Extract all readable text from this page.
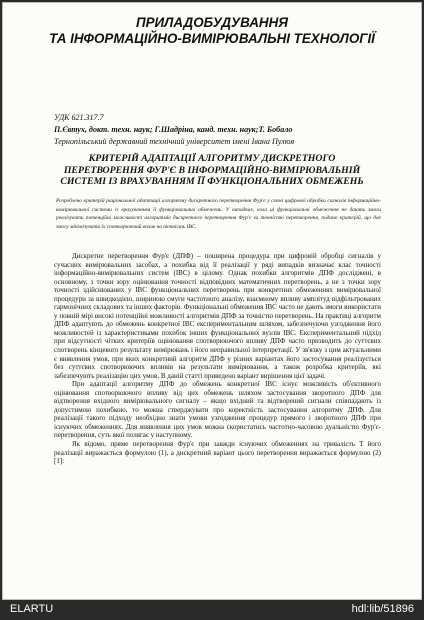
ПРИЛАДОБУДУВАННЯ
ТА ІНФОРМАЦІЙНО-ВИМІРЮВАЛЬНІ ТЕХНОЛОГІЇ
УДК 621.317.7
П.Євтух, докт. техн. наук; Г.Шадріна, канд. техн. наук;Т. Бобало
Тернопільський державний технічний університет імені Івана Пулюя
КРИТЕРІЙ АДАПТАЦІЇ АЛГОРИТМУ ДИСКРЕТНОГО
ПЕРЕТВОРЕННЯ ФУР'Є В ІНФОРМАЦІЙНО-ВИМІРЮВАЛЬНІЙ
СИСТЕМІ ІЗ ВРАХУВАННЯМ ЇЇ ФУНКЦІОНАЛЬНИХ ОБМЕЖЕНЬ
Розроблено критерій раціональної адаптації алгоритму дискретного перетворення Фур'є у схемі цифрової обробки сигналів інформаційно-вимірювальної системи із врахуванням її функціональних обмежень. У випадках, коли ці функціональні обмеження не дають змоги реалізувати потенційні можливості алгоритмів дискретного перетворення Фур'є за точністю перетворення, подано критерій, що дає змогу мінімізувати їх спотворюючий вплив на точність ІВС.

Дискретне перетворення Фур'є (ДПФ) – поширена процедура при цифровій обробці сигналів у сучасних вимірювальних засобах, а похибка від її реалізації у ряді випадків визначає клас точності інформаційно-вимірювальних систем (ІВС) в цілому. Однак похибки алгоритмів ДПФ досліджені, в основному, з точки зору оцінювання точності відповідних математичних перетворень, а не з точки зору точності здійснюваних у ІВС функціональних перетворень при конкретних обмеженнях вимірювальної процедури за швидкодією, шириною смуги частотного аналізу, взаємному впливу амплітуд відфільтрованих гармонічних складових та інших факторів. Функціональні обмеження ІВС часто не дають змоги використати у повній мірі високі потенційні можливості алгоритмів ДПФ за точністю перетворень. На практиці алгоритм ДПФ адаптують до обмежень конкретної ІВС експериментальним шляхом, забезпечуючи узгодження його можливостей із характеристиками похибок інших функціональних вузлів ІВС. Експериментальний підхід при відсутності чітких критеріїв оцінювання спотворюючого впливу ДПФ часто призводить до суттєвих спотворень кінцевого результату вимірювань і його неправильної інтерпретації. У зв'язку з цим актуальними є виявлення умов, при яких конкретний алгоритм ДПФ у різних варіантах його застосування реалізується без суттєвих спотворюючих впливів на результати вимірювання, а також розробка критеріїв, які забезпечують реалізацію цих умов. В даній статті приведено варіант вирішення цієї задачі.

При адаптації алгоритму ДПФ до обмежень конкретної ІВС існує можливість об'єктивного оцінювання спотворюючого впливу від цих обмежень шляхом застосування зворотного ДПФ для відтворення вхідного вимірювального сигналу – якщо вхідний та відтворений сигнали співпадають із допустимою похибкою, то можна стверджувати про коректність застосування алгоритму ДПФ. Для реалізації такого підходу необхідно знати умови узгодження процедур прямого і зворотного ДПФ при існуючих обмеженнях. Для виявлення цих умов можна скористатись частотно-часовою дуальністю Фур'є-перетворення, суть якої полягає у наступному.

Як відомо, пряме перетворення Фур'є при завжди існуючих обмеженнях на тривалість T його реалізації виражається формулою (1), а дискретний варіант цього перетворення виражається формулою (2) [1]:

ELARTU	hdl:lib/51896
